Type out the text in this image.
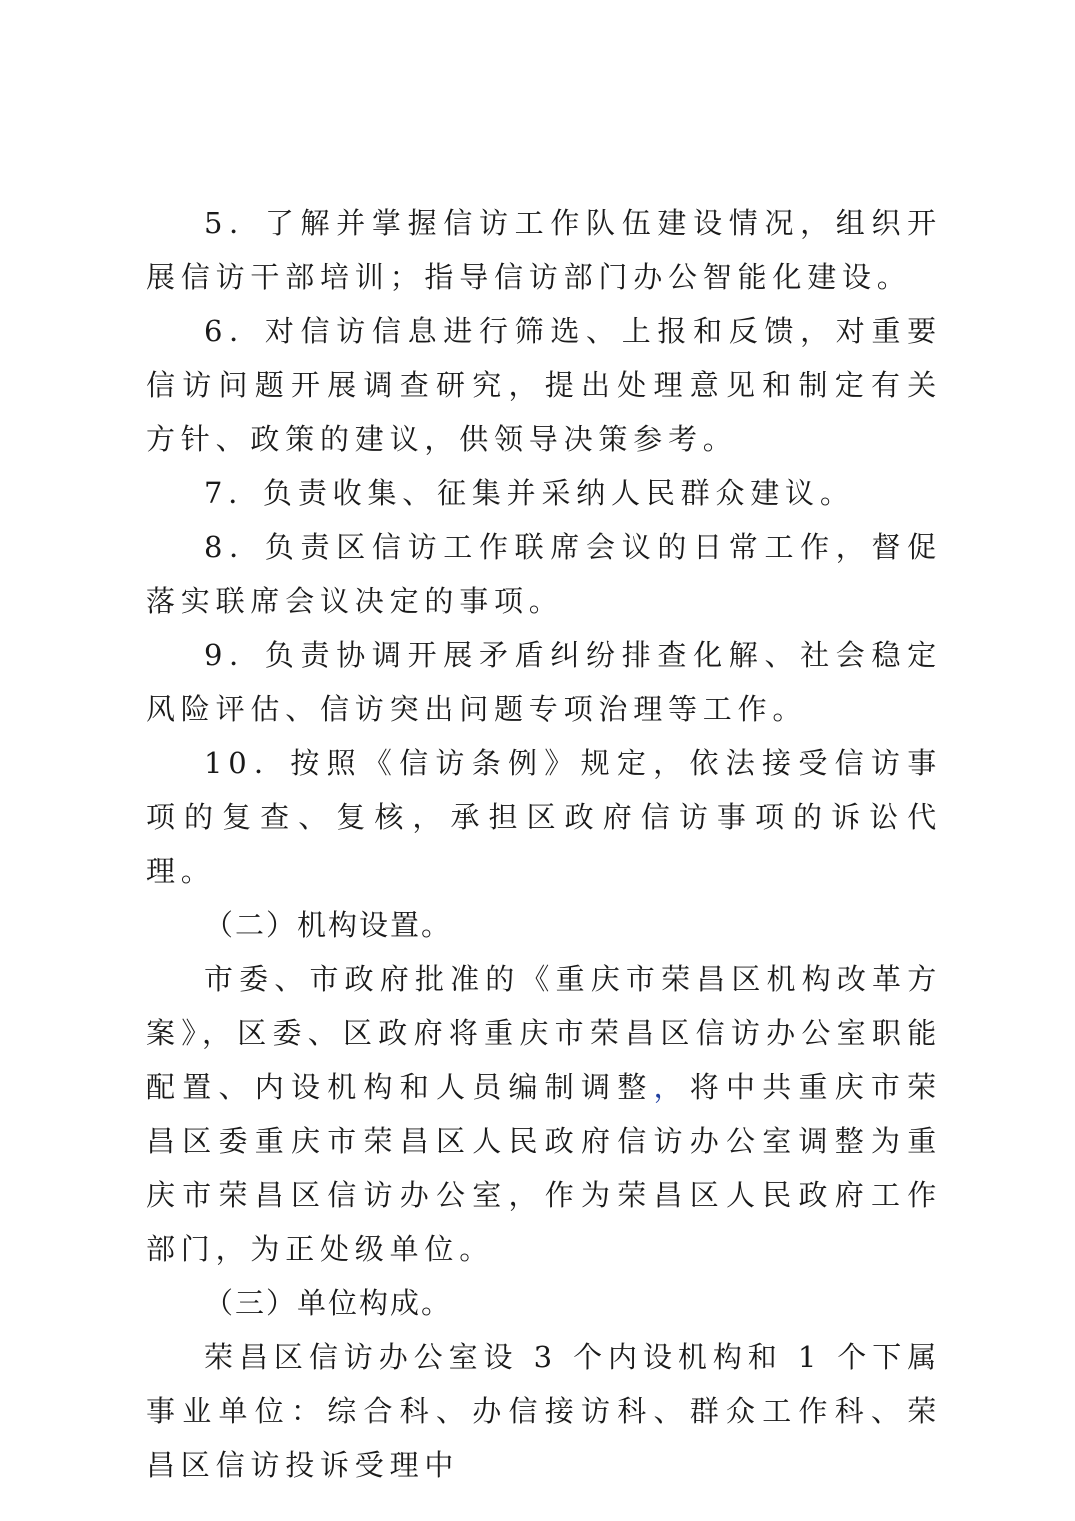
5．了解并掌握信访工作队伍建设情况，组织开展信访干部培训；指导信访部门办公智能化建设。

6．对信访信息进行筛选、上报和反馈，对重要信访问题开展调查研究，提出处理意见和制定有关方针、政策的建议，供领导决策参考。

7．负责收集、征集并采纳人民群众建议。

8．负责区信访工作联席会议的日常工作，督促落实联席会议决定的事项。

9．负责协调开展矛盾纠纷排查化解、社会稳定风险评估、信访突出问题专项治理等工作。

10．按照《信访条例》规定，依法接受信访事项的复查、复核，承担区政府信访事项的诉讼代理。

（二）机构设置。

市委、市政府批准的《重庆市荣昌区机构改革方案》，区委、区政府将重庆市荣昌区信访办公室职能配置、内设机构和人员编制调整，将中共重庆市荣昌区委重庆市荣昌区人民政府信访办公室调整为重庆市荣昌区信访办公室，作为荣昌区人民政府工作部门，为正处级单位。

（三）单位构成。

荣昌区信访办公室设 3 个内设机构和 1 个下属事业单位：综合科、办信接访科、群众工作科、荣昌区信访投诉受理中
